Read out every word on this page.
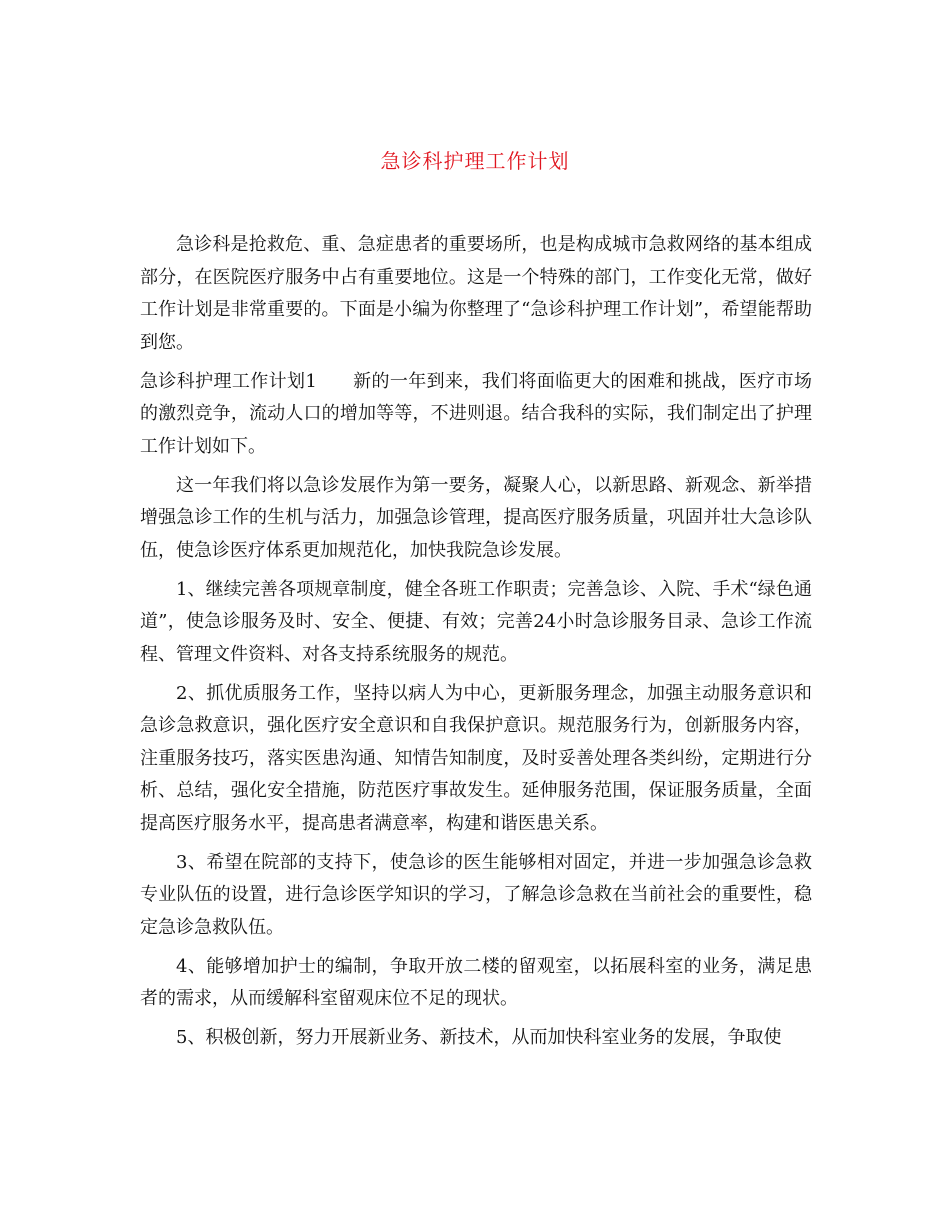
急诊科护理工作计划

急诊科是抢救危、重、急症患者的重要场所，也是构成城市急救网络的基本组成部分，在医院医疗服务中占有重要地位。这是一个特殊的部门，工作变化无常，做好工作计划是非常重要的。下面是小编为你整理了“急诊科护理工作计划”，希望能帮助到您。

急诊科护理工作计划1 新的一年到来，我们将面临更大的困难和挑战，医疗市场的激烈竞争，流动人口的增加等等，不进则退。结合我科的实际，我们制定出了护理工作计划如下。

这一年我们将以急诊发展作为第一要务，凝聚人心，以新思路、新观念、新举措增强急诊工作的生机与活力，加强急诊管理，提高医疗服务质量，巩固并壮大急诊队伍，使急诊医疗体系更加规范化，加快我院急诊发展。

1、继续完善各项规章制度，健全各班工作职责；完善急诊、入院、手术“绿色通道”，使急诊服务及时、安全、便捷、有效；完善24小时急诊服务目录、急诊工作流程、管理文件资料、对各支持系统服务的规范。

2、抓优质服务工作，坚持以病人为中心，更新服务理念，加强主动服务意识和急诊急救意识，强化医疗安全意识和自我保护意识。规范服务行为，创新服务内容，注重服务技巧，落实医患沟通、知情告知制度，及时妥善处理各类纠纷，定期进行分析、总结，强化安全措施，防范医疗事故发生。延伸服务范围，保证服务质量，全面提高医疗服务水平，提高患者满意率，构建和谐医患关系。

3、希望在院部的支持下，使急诊的医生能够相对固定，并进一步加强急诊急救专业队伍的设置，进行急诊医学知识的学习，了解急诊急救在当前社会的重要性，稳定急诊急救队伍。

4、能够增加护士的编制，争取开放二楼的留观室，以拓展科室的业务，满足患者的需求，从而缓解科室留观床位不足的现状。

5、积极创新，努力开展新业务、新技术，从而加快科室业务的发展，争取使
